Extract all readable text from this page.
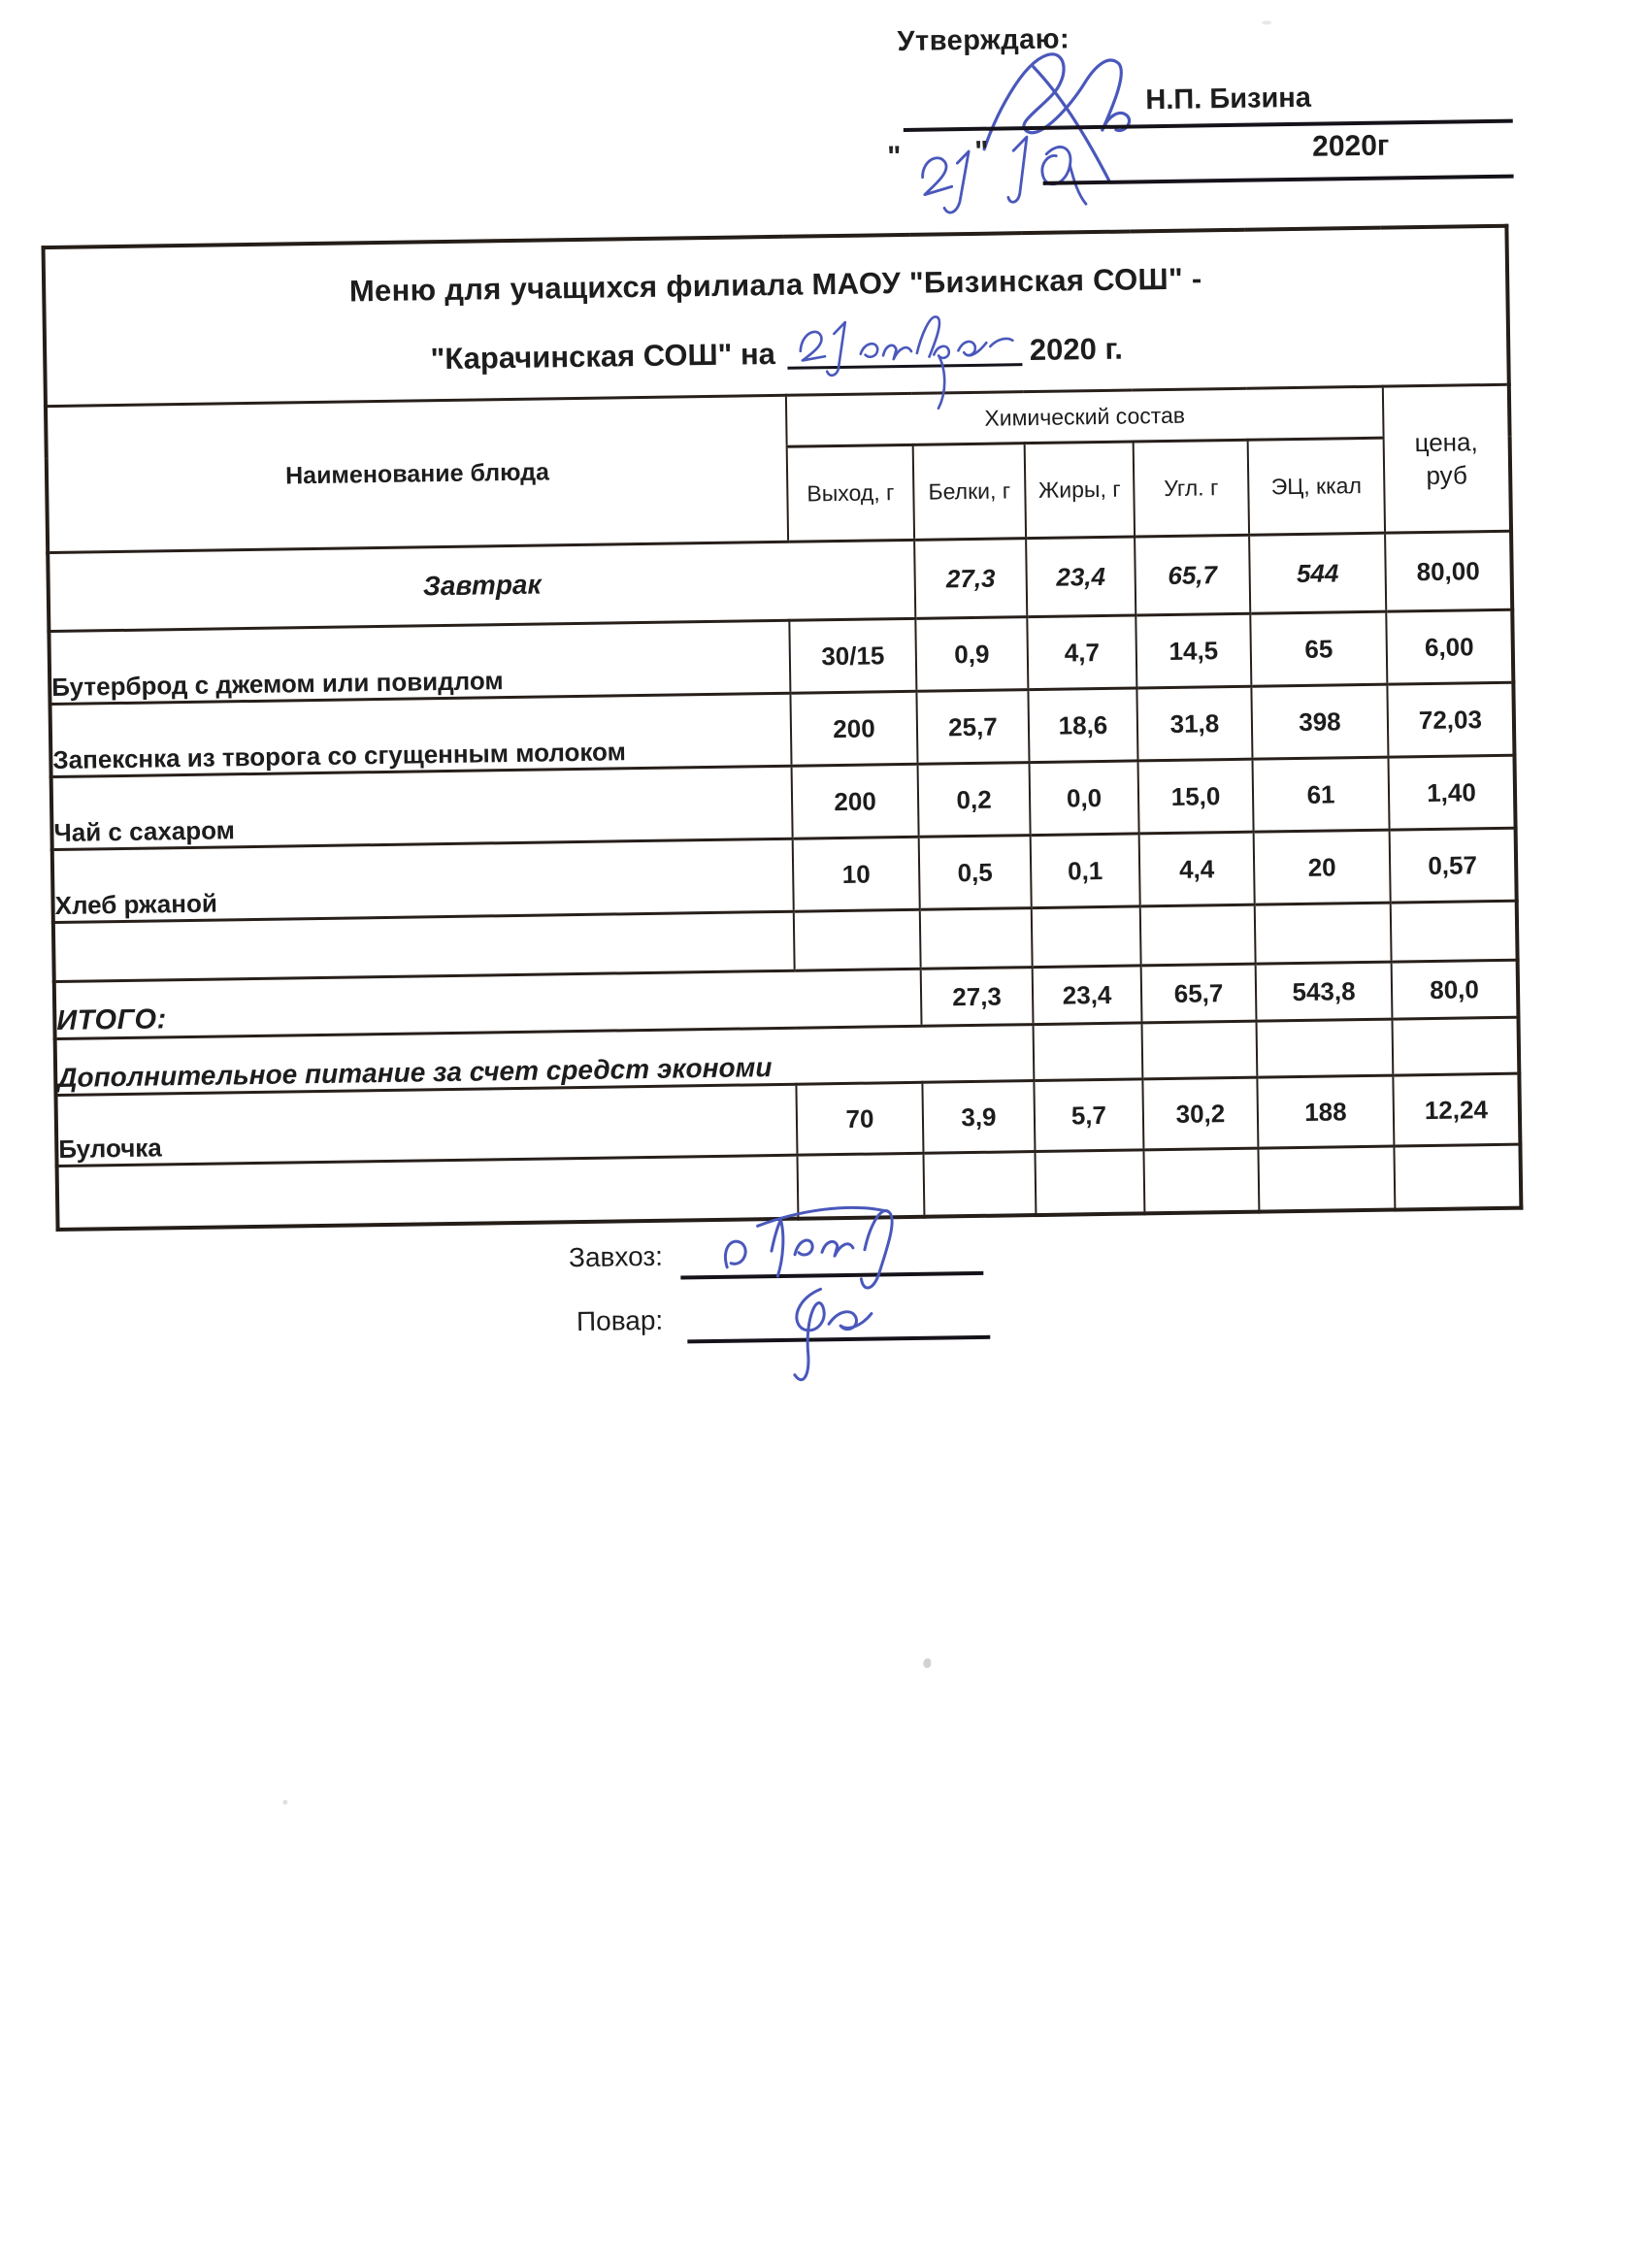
Утверждаю:
Н.П. Бизина
"	"	2020г
Меню для учащихся филиала МАОУ "Бизинская СОШ" -
"Карачинская СОШ" на 2020 г.						

Наименование блюда	Химический состав					цена,
руб

	Выход, г	Белки, г	Жиры, г	Угл. г	ЭЦ, ккал	
Завтрак		27,3	23,4	65,7	544	80,00
Бутерброд с джемом или повидлом	30/15	0,9	4,7	14,5	65	6,00
Запекснка из творога со сгущенным молоком	200	25,7	18,6	31,8	398	72,03
Чай с сахаром	200	0,2	0,0	15,0	61	1,40
Хлеб ржаной	10	0,5	0,1	4,4	20	0,57

ИТОГО:		27,3	23,4	65,7	543,8	80,0
Дополнительное питание за счет средст экономи						
Булочка	70	3,9	5,7	30,2	188	12,24

Завхоз:
Повар:
